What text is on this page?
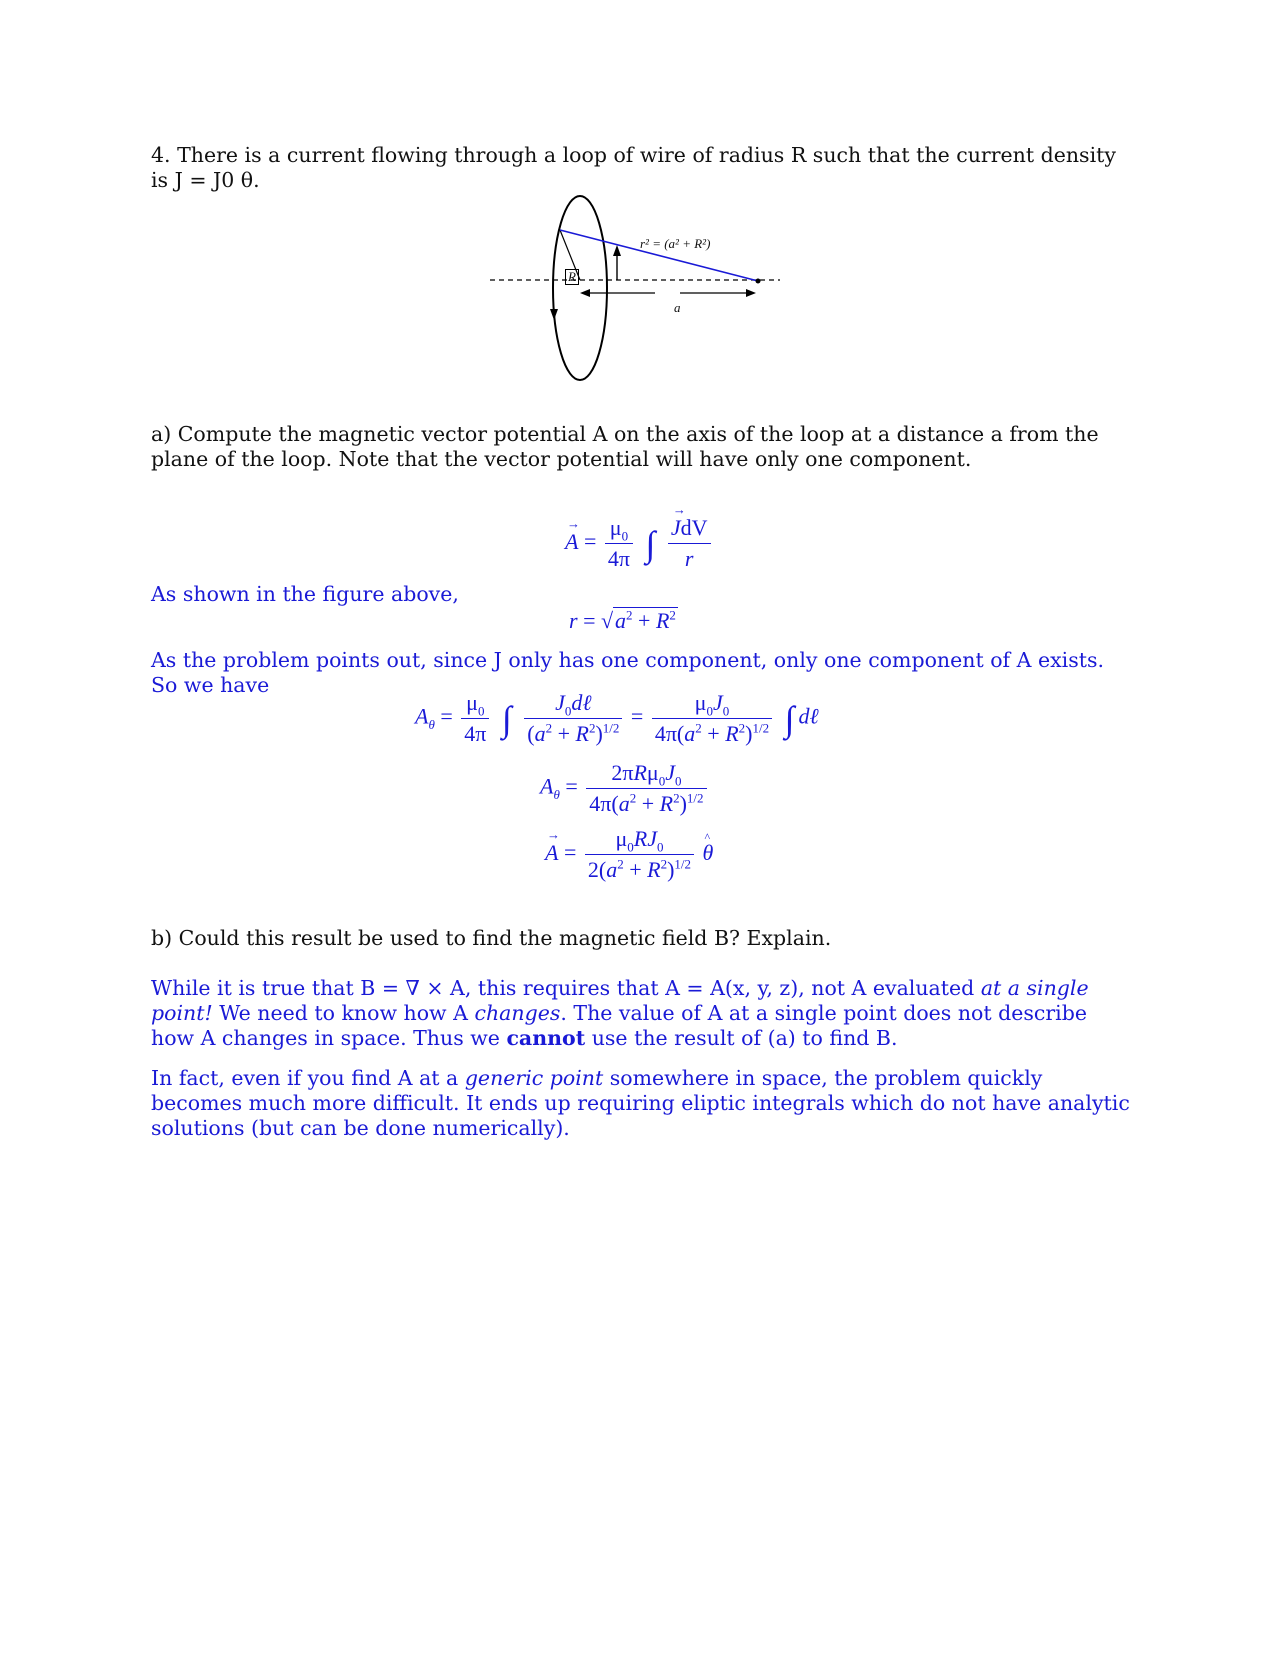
4. There is a current flowing through a loop of wire of radius R such that the current density is J = J0 θ.
r² = (a² + R²)
R
a
a) Compute the magnetic vector potential A on the axis of the loop at a distance a from the plane of the loop. Note that the vector potential will have only one component.
→ $A = \frac{\mu_0}{4\pi}$ ∫ → $\frac{\text{JdV}}{r}$
As shown in the figure above,
$r = √a^2 + R^2$
As the problem points out, since J only has one component, only one component of A exists. So we have
$A_\theta = \frac{\mu_0}{4\pi}$ ∫ $\frac{J_0d\ell}{(a^2 + R^2)^{1/2}} = \frac{\mu_0J_0}{4\pi(a^2 + R^2)^{1/2}}$ ∫ dℓ
$A_\theta = \frac{2\pi R\mu_0J_0}{4\pi(a^2 + R^2)^{1/2}}$
→ $A = \frac{\mu_0RJ_0}{2(a^2 + R^2)^{1/2}}$ ^ θ
b) Could this result be used to find the magnetic field B? Explain.
While it is true that B = ∇ × A, this requires that A = A(x, y, z), not A evaluated at a single point! We need to know how A changes. The value of A at a single point does not describe how A changes in space. Thus we cannot use the result of (a) to find B.
In fact, even if you find A at a generic point somewhere in space, the problem quickly becomes much more difficult. It ends up requiring eliptic integrals which do not have analytic solutions (but can be done numerically).
